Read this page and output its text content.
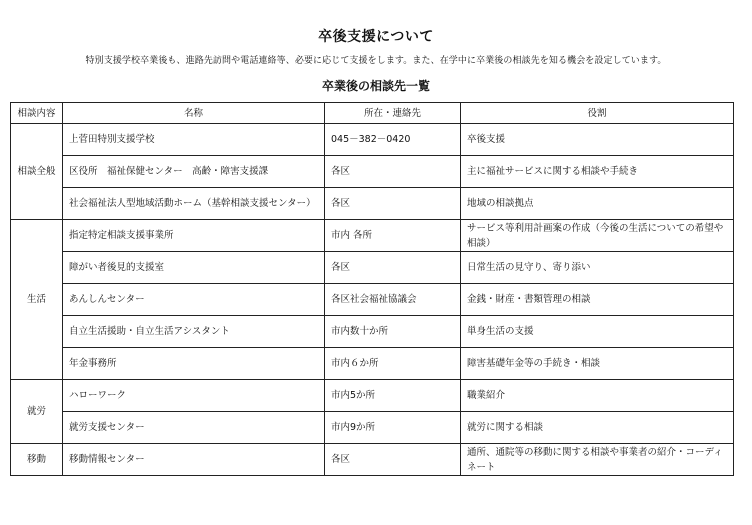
卒後支援について
特別支援学校卒業後も、進路先訪問や電話連絡等、必要に応じて支援をします。また、在学中に卒業後の相談先を知る機会を設定しています。
卒業後の相談先一覧
相談内容	名称	所在・連絡先	役割
相談全般	上菅田特別支援学校	045－382－0420	卒後支援
	区役所　福祉保健センター　高齢・障害支援課	各区	主に福祉サービスに関する相談や手続き
	社会福祉法人型地域活動ホーム（基幹相談支援センター）	各区	地域の相談拠点
生活	指定特定相談支援事業所	市内 各所	サービス等利用計画案の作成（今後の生活についての希望や相談）
	障がい者後見的支援室	各区	日常生活の見守り、寄り添い
	あんしんセンター	各区社会福祉協議会	金銭・財産・書類管理の相談
	自立生活援助・自立生活アシスタント	市内数十か所	単身生活の支援
	年金事務所	市内６か所	障害基礎年金等の手続き・相談
就労	ハローワーク	市内5か所	職業紹介
	就労支援センター	市内9か所	就労に関する相談
移動	移動情報センター	各区	通所、通院等の移動に関する相談や事業者の紹介・コーディネート
